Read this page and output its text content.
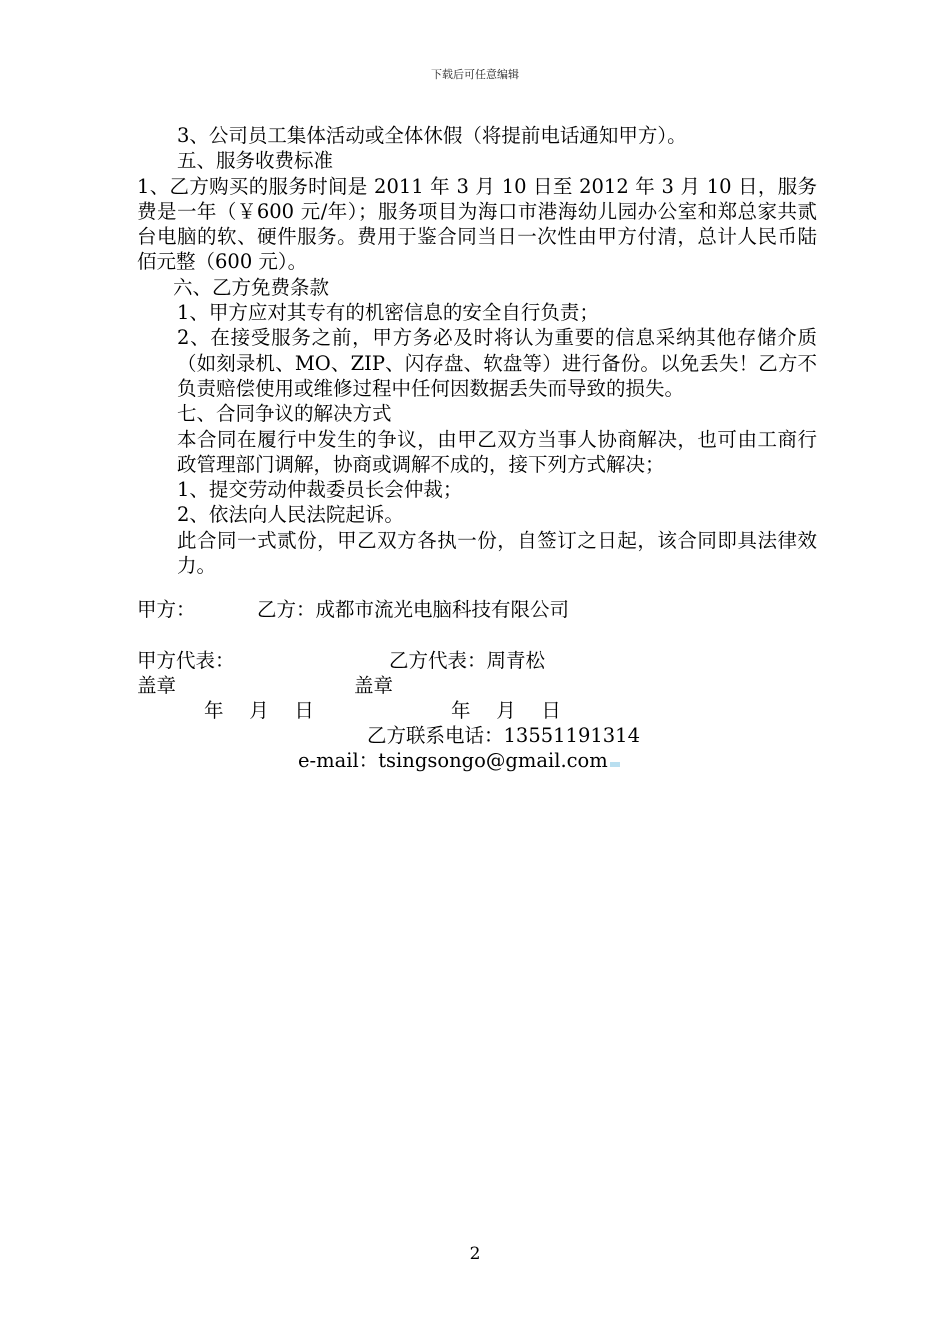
下载后可任意编辑
3、公司员工集体活动或全体休假（将提前电话通知甲方）。
五、服务收费标准
1、乙方购买的服务时间是 2011 年 3 月 10 日至 2012 年 3 月 10 日，服务费是一年（￥600 元/年）；服务项目为海口市港海幼儿园办公室和郑总家共贰台电脑的软、硬件服务。费用于鉴合同当日一次性由甲方付清，总计人民币陆佰元整（600 元）。
六、乙方免费条款
1、甲方应对其专有的机密信息的安全自行负责；
2、在接受服务之前，甲方务必及时将认为重要的信息采纳其他存储介质（如刻录机、MO、ZIP、闪存盘、软盘等）进行备份。以免丢失！乙方不负责赔偿使用或维修过程中任何因数据丢失而导致的损失。
七、合同争议的解决方式
本合同在履行中发生的争议，由甲乙双方当事人协商解决，也可由工商行政管理部门调解，协商或调解不成的，接下列方式解决；
1、提交劳动仲裁委员长会仲裁；
2、依法向人民法院起诉。
此合同一式贰份，甲乙双方各执一份，自签订之日起，该合同即具法律效力。
甲方：	乙方：成都市流光电脑科技有限公司
甲方代表：	乙方代表：周青松
盖章	盖章
年　 月　 日	年　 月　 日
乙方联系电话：13551191314
e-mail：tsingsongo@gmail.com
2
